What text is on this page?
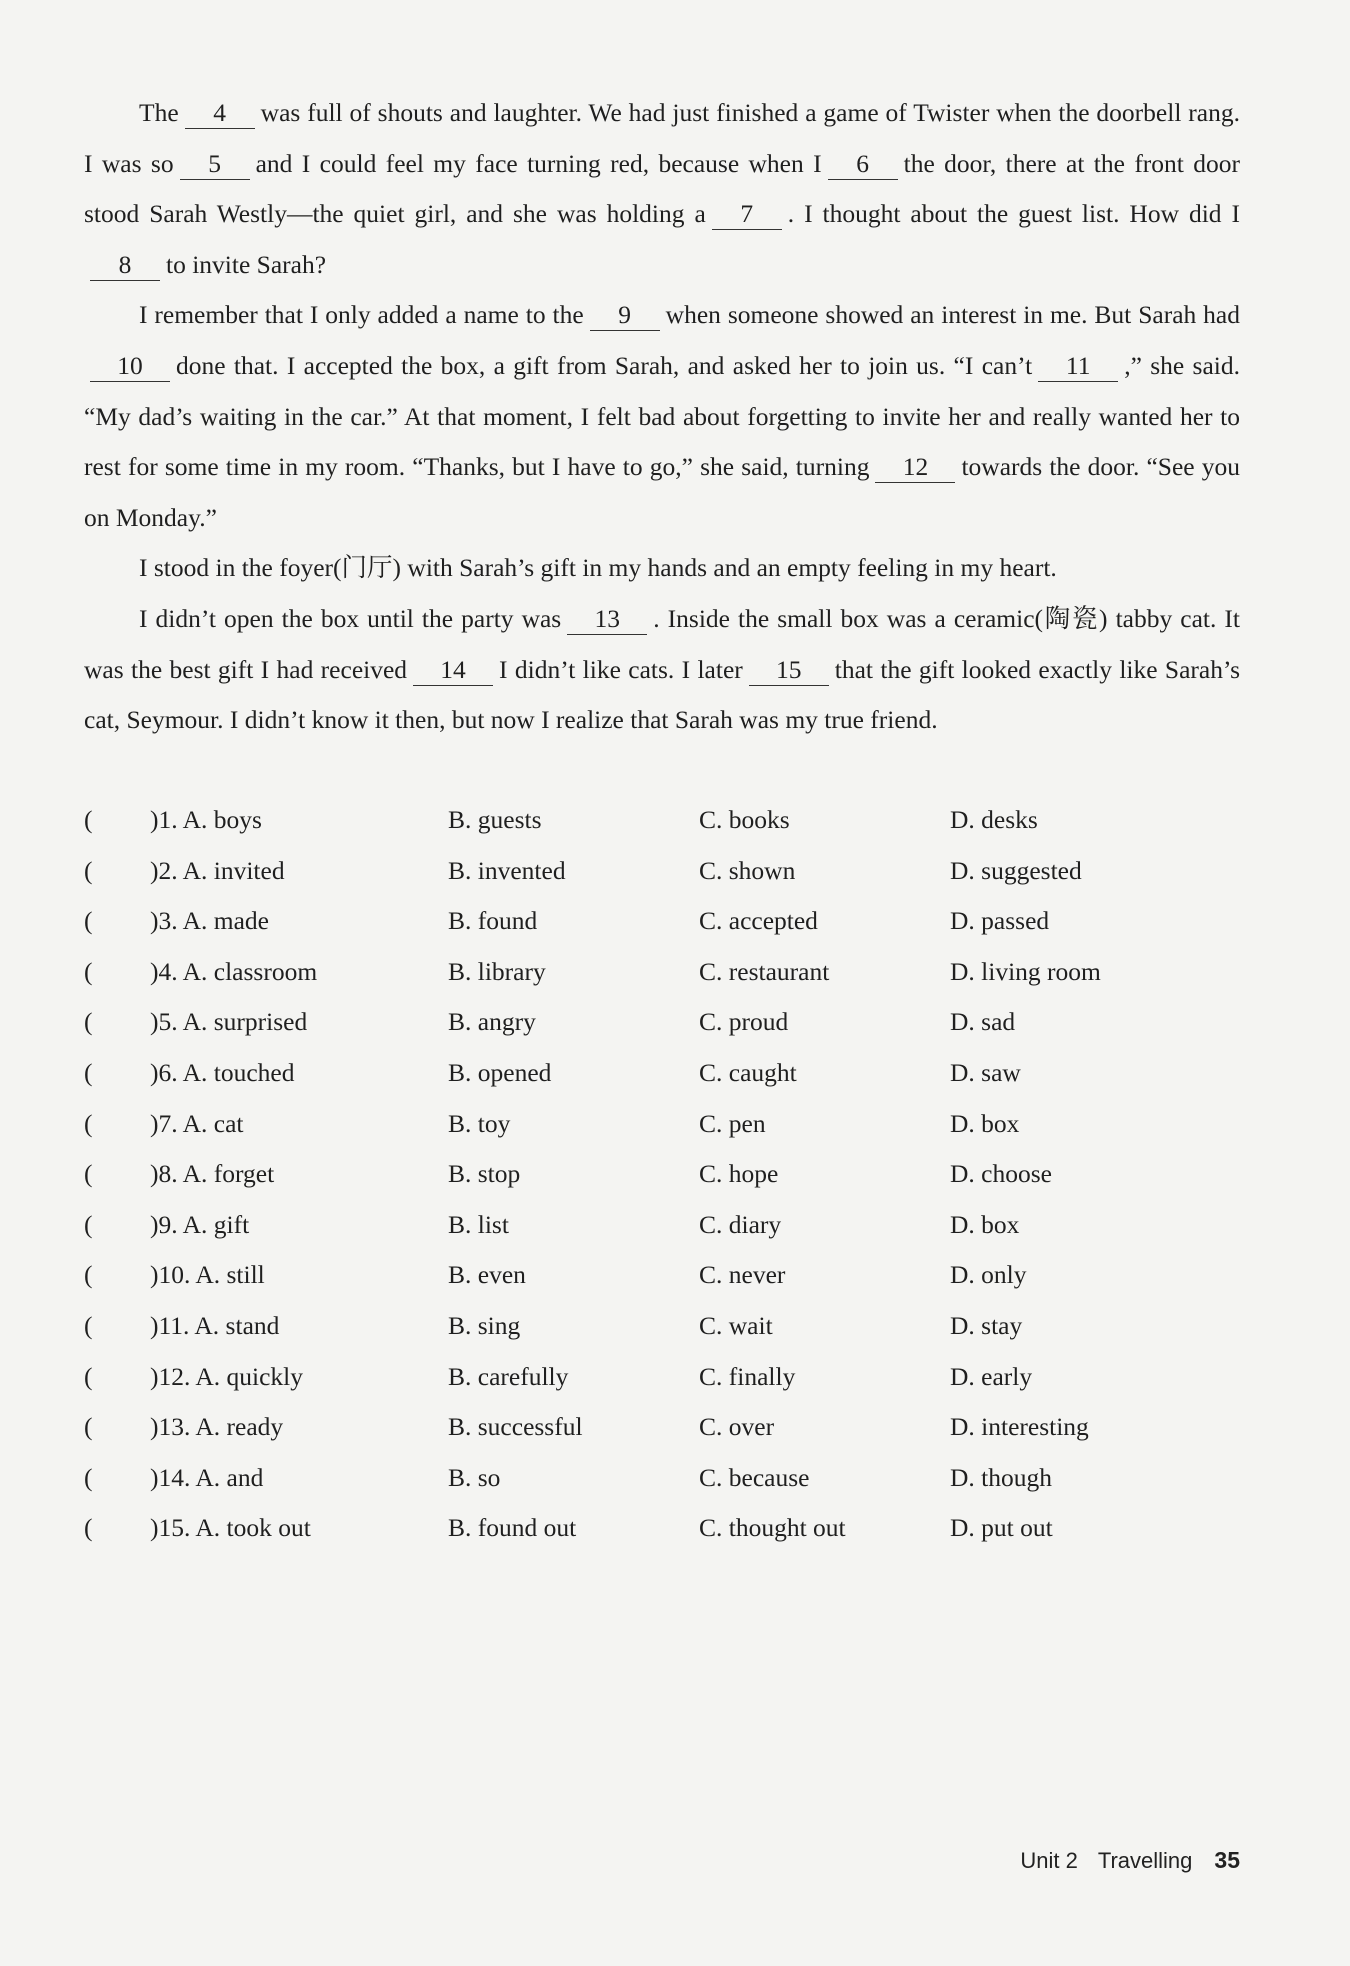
The 4 was full of shouts and laughter. We had just finished a game of Twister when the doorbell rang. I was so 5 and I could feel my face turning red, because when I 6 the door, there at the front door stood Sarah Westly—the quiet girl, and she was holding a 7 . I thought about the guest list. How did I8 to invite Sarah?

I remember that I only added a name to the 9 when someone showed an interest in me. But Sarah had10 done that. I accepted the box, a gift from Sarah, and asked her to join us. “I can’t 11 ,” she said. “My dad’s waiting in the car.” At that moment, I felt bad about forgetting to invite her and really wanted her to rest for some time in my room. “Thanks, but I have to go,” she said, turning 12 towards the door. “See you on Monday.”

I stood in the foyer(门厅) with Sarah’s gift in my hands and an empty feeling in my heart.

I didn’t open the box until the party was 13 . Inside the small box was a ceramic(陶瓷) tabby cat. It was the best gift I had received 14 I didn’t like cats. I later 15 that the gift looked exactly like Sarah’s cat, Seymour. I didn’t know it then, but now I realize that Sarah was my true friend.

( )1. A. boys	B. guests	C. books	D. desks
( )2. A. invited	B. invented	C. shown	D. suggested
( )3. A. made	B. found	C. accepted	D. passed
( )4. A. classroom	B. library	C. restaurant	D. living room
( )5. A. surprised	B. angry	C. proud	D. sad
( )6. A. touched	B. opened	C. caught	D. saw
( )7. A. cat	B. toy	C. pen	D. box
( )8. A. forget	B. stop	C. hope	D. choose
( )9. A. gift	B. list	C. diary	D. box
( )10. A. still	B. even	C. never	D. only
( )11. A. stand	B. sing	C. wait	D. stay
( )12. A. quickly	B. carefully	C. finally	D. early
( )13. A. ready	B. successful	C. over	D. interesting
( )14. A. and	B. so	C. because	D. though
( )15. A. took out	B. found out	C. thought out	D. put out
Unit 2 Travelling 35
